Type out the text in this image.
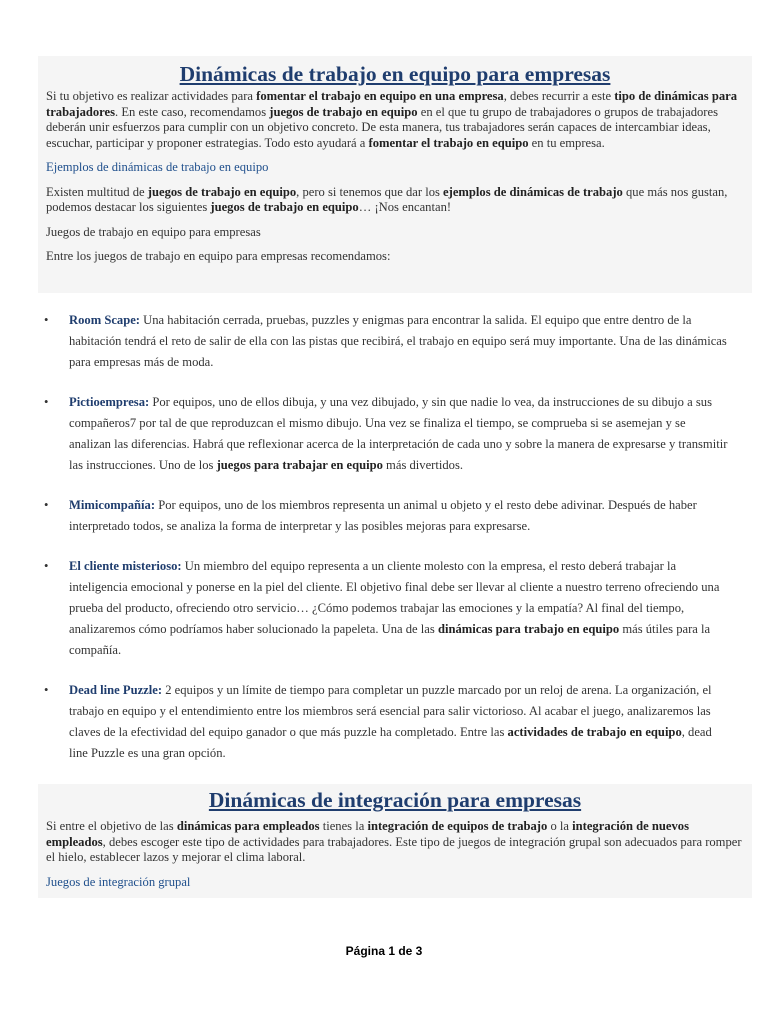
Dinámicas de trabajo en equipo para empresas

Si tu objetivo es realizar actividades para fomentar el trabajo en equipo en una empresa, debes recurrir a este tipo de dinámicas para trabajadores. En este caso, recomendamos juegos de trabajo en equipo en el que tu grupo de trabajadores o grupos de trabajadores deberán unir esfuerzos para cumplir con un objetivo concreto. De esta manera, tus trabajadores serán capaces de intercambiar ideas, escuchar, participar y proponer estrategias. Todo esto ayudará a fomentar el trabajo en equipo en tu empresa.

Ejemplos de dinámicas de trabajo en equipo

Existen multitud de juegos de trabajo en equipo, pero si tenemos que dar los ejemplos de dinámicas de trabajo que más nos gustan, podemos destacar los siguientes juegos de trabajo en equipo… ¡Nos encantan!

Juegos de trabajo en equipo para empresas

Entre los juegos de trabajo en equipo para empresas recomendamos:

• Room Scape: Una habitación cerrada, pruebas, puzzles y enigmas para encontrar la salida. El equipo que entre dentro de la habitación tendrá el reto de salir de ella con las pistas que recibirá, el trabajo en equipo será muy importante. Una de las dinámicas para empresas más de moda.
• Pictioempresa: Por equipos, uno de ellos dibuja, y una vez dibujado, y sin que nadie lo vea, da instrucciones de su dibujo a sus compañeros7 por tal de que reproduzcan el mismo dibujo. Una vez se finaliza el tiempo, se comprueba si se asemejan y se analizan las diferencias. Habrá que reflexionar acerca de la interpretación de cada uno y sobre la manera de expresarse y transmitir las instrucciones. Uno de los juegos para trabajar en equipo más divertidos.
• Mimicompañía: Por equipos, uno de los miembros representa un animal u objeto y el resto debe adivinar. Después de haber interpretado todos, se analiza la forma de interpretar y las posibles mejoras para expresarse.
• El cliente misterioso: Un miembro del equipo representa a un cliente molesto con la empresa, el resto deberá trabajar la inteligencia emocional y ponerse en la piel del cliente. El objetivo final debe ser llevar al cliente a nuestro terreno ofreciendo una prueba del producto, ofreciendo otro servicio… ¿Cómo podemos trabajar las emociones y la empatía? Al final del tiempo, analizaremos cómo podríamos haber solucionado la papeleta. Una de las dinámicas para trabajo en equipo más útiles para la compañía.
• Dead line Puzzle: 2 equipos y un límite de tiempo para completar un puzzle marcado por un reloj de arena. La organización, el trabajo en equipo y el entendimiento entre los miembros será esencial para salir victorioso. Al acabar el juego, analizaremos las claves de la efectividad del equipo ganador o que más puzzle ha completado. Entre las actividades de trabajo en equipo, dead line Puzzle es una gran opción.
Dinámicas de integración para empresas

Si entre el objetivo de las dinámicas para empleados tienes la integración de equipos de trabajo o la integración de nuevos empleados, debes escoger este tipo de actividades para trabajadores. Este tipo de juegos de integración grupal son adecuados para romper el hielo, establecer lazos y mejorar el clima laboral.

Juegos de integración grupal

Página 1 de 3
